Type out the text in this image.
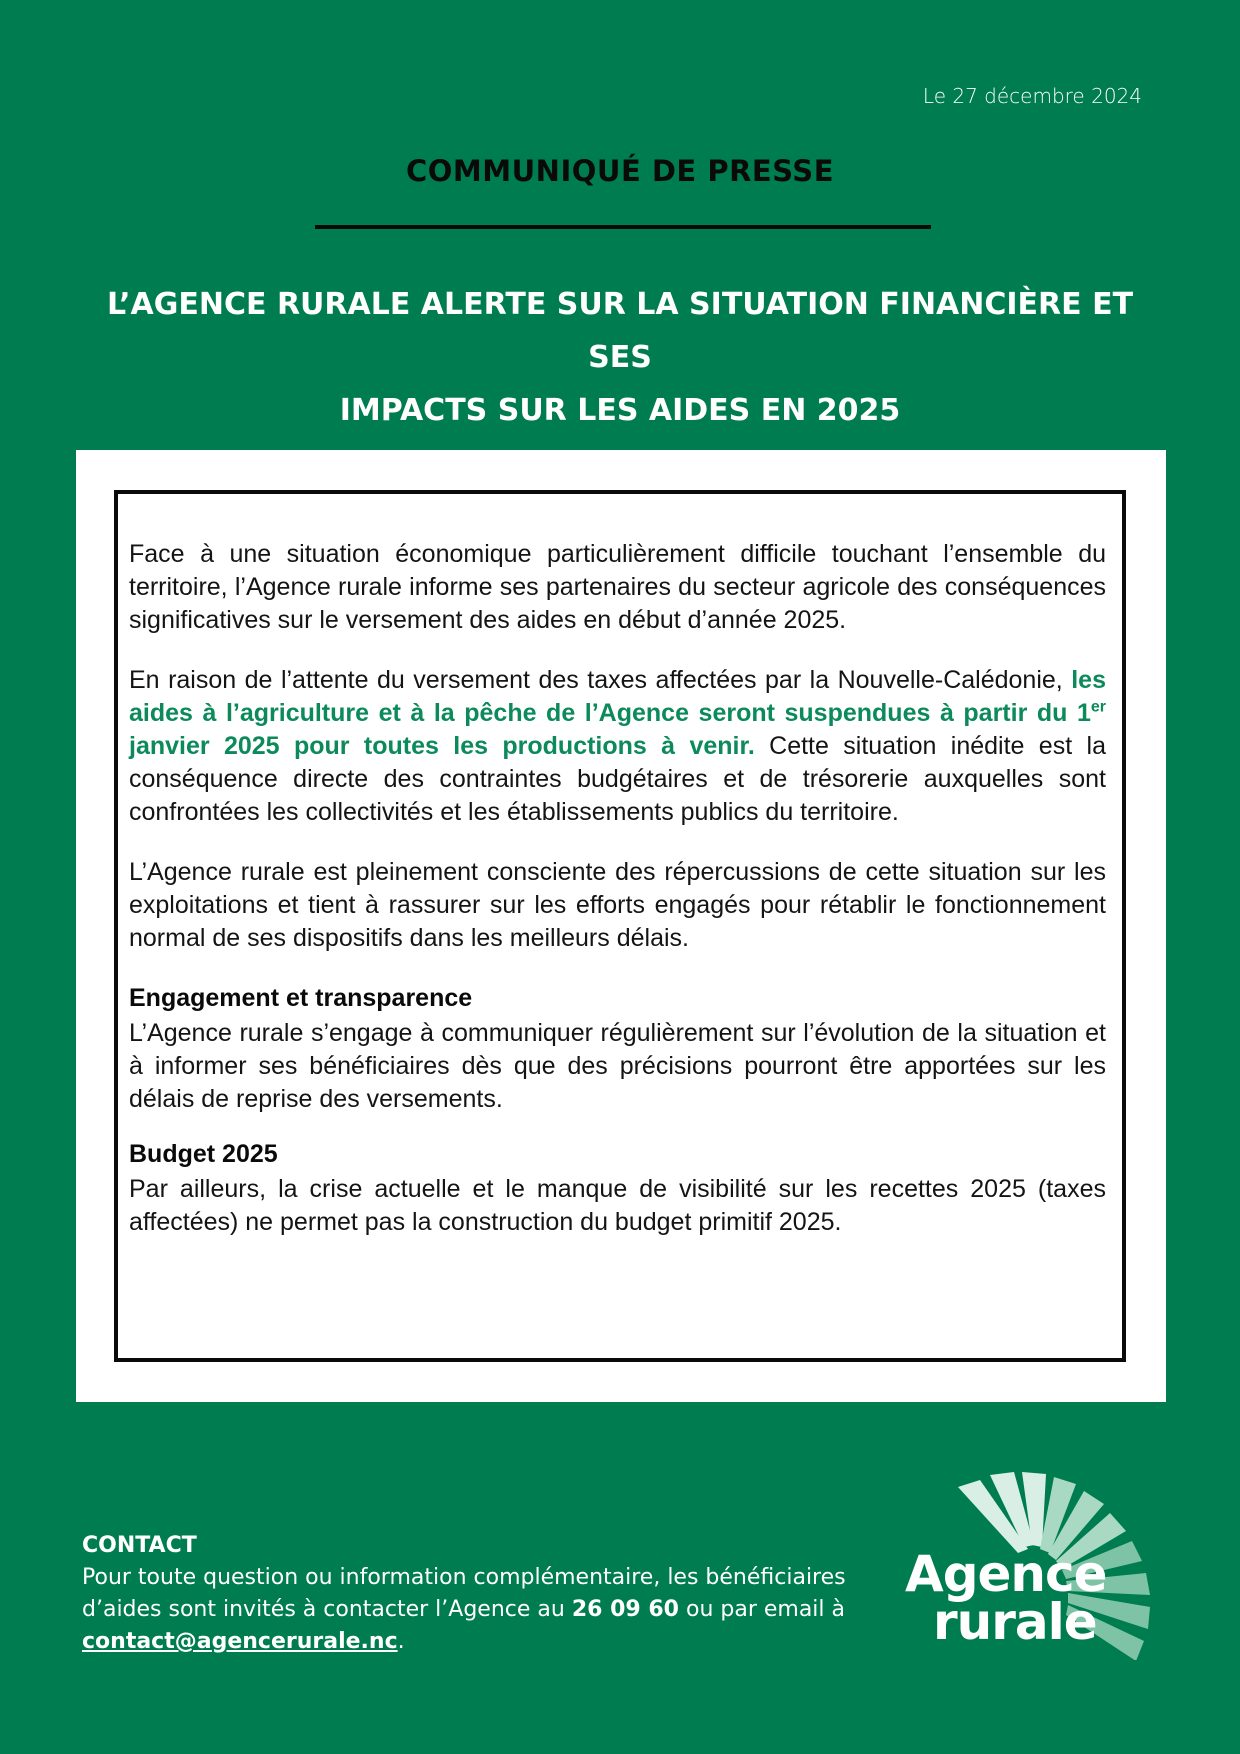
Le 27 décembre 2024
COMMUNIQUÉ DE PRESSE
L’AGENCE RURALE ALERTE SUR LA SITUATION FINANCIÈRE ET SES
IMPACTS SUR LES AIDES EN 2025

Face à une situation économique particulièrement difficile touchant l’ensemble du territoire, l’Agence rurale informe ses partenaires du secteur agricole des conséquences significatives sur le versement des aides en début d’année 2025.

En raison de l’attente du versement des taxes affectées par la Nouvelle-Calédonie, les aides à l’agriculture et à la pêche de l’Agence seront suspendues à partir du 1er janvier 2025 pour toutes les productions à venir. Cette situation inédite est la conséquence directe des contraintes budgétaires et de trésorerie auxquelles sont confrontées les collectivités et les établissements publics du territoire.

L’Agence rurale est pleinement consciente des répercussions de cette situation sur les exploitations et tient à rassurer sur les efforts engagés pour rétablir le fonctionnement normal de ses dispositifs dans les meilleurs délais.

Engagement et transparence
L’Agence rurale s’engage à communiquer régulièrement sur l’évolution de la situation et à informer ses bénéficiaires dès que des précisions pourront être apportées sur les délais de reprise des versements.
Budget 2025
Par ailleurs, la crise actuelle et le manque de visibilité sur les recettes 2025 (taxes affectées) ne permet pas la construction du budget primitif 2025.
CONTACT
Pour toute question ou information complémentaire, les bénéficiaires d’aides sont invités à contacter l’Agence au 26 09 60 ou par email à contact@agencerurale.nc.
Agence
rurale
